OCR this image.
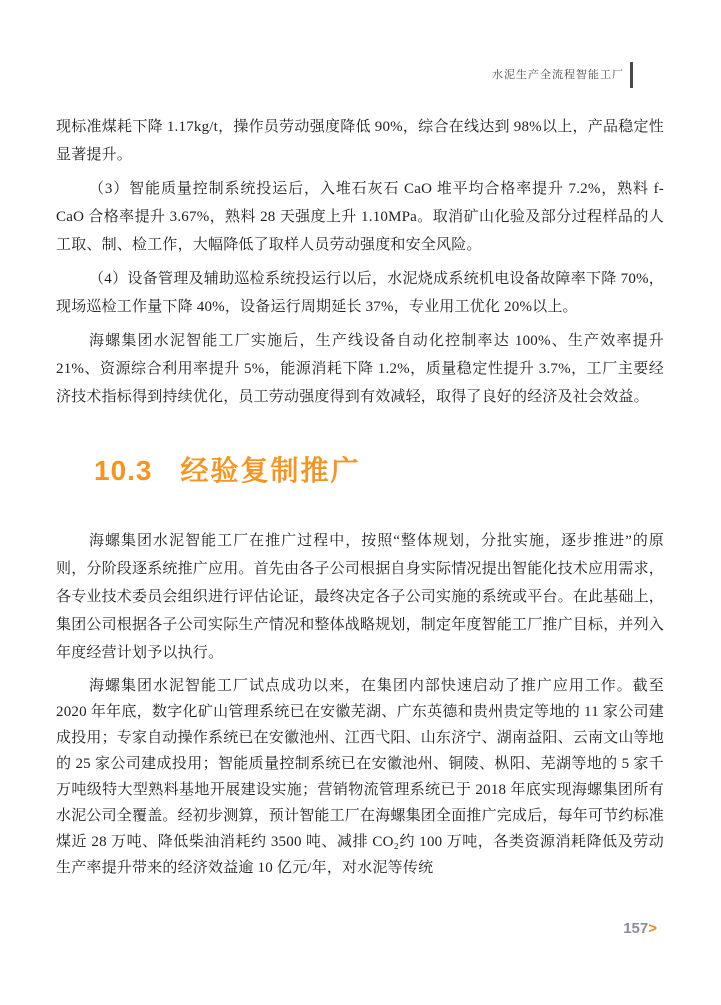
水泥生产全流程智能工厂

现标准煤耗下降 1.17kg/t，操作员劳动强度降低 90%，综合在线达到 98%以上，产品稳定性显著提升。

（3）智能质量控制系统投运后，入堆石灰石 CaO 堆平均合格率提升 7.2%，熟料 f-CaO 合格率提升 3.67%，熟料 28 天强度上升 1.10MPa。取消矿山化验及部分过程样品的人工取、制、检工作，大幅降低了取样人员劳动强度和安全风险。

（4）设备管理及辅助巡检系统投运行以后，水泥烧成系统机电设备故障率下降 70%，现场巡检工作量下降 40%，设备运行周期延长 37%，专业用工优化 20%以上。

海螺集团水泥智能工厂实施后，生产线设备自动化控制率达 100%、生产效率提升 21%、资源综合利用率提升 5%，能源消耗下降 1.2%，质量稳定性提升 3.7%，工厂主要经济技术指标得到持续优化，员工劳动强度得到有效减轻，取得了良好的经济及社会效益。

10.3 经验复制推广

海螺集团水泥智能工厂在推广过程中，按照“整体规划，分批实施，逐步推进”的原则，分阶段逐系统推广应用。首先由各子公司根据自身实际情况提出智能化技术应用需求，各专业技术委员会组织进行评估论证，最终决定各子公司实施的系统或平台。在此基础上，集团公司根据各子公司实际生产情况和整体战略规划，制定年度智能工厂推广目标，并列入年度经营计划予以执行。

海螺集团水泥智能工厂试点成功以来，在集团内部快速启动了推广应用工作。截至 2020 年年底，数字化矿山管理系统已在安徽芜湖、广东英德和贵州贵定等地的 11 家公司建成投用；专家自动操作系统已在安徽池州、江西弋阳、山东济宁、湖南益阳、云南文山等地的 25 家公司建成投用；智能质量控制系统已在安徽池州、铜陵、枞阳、芜湖等地的 5 家千万吨级特大型熟料基地开展建设实施；营销物流管理系统已于 2018 年底实现海螺集团所有水泥公司全覆盖。经初步测算，预计智能工厂在海螺集团全面推广完成后，每年可节约标准煤近 28 万吨、降低柴油消耗约 3500 吨、减排 CO₂约 100 万吨，各类资源消耗降低及劳动生产率提升带来的经济效益逾 10 亿元/年，对水泥等传统

157>
